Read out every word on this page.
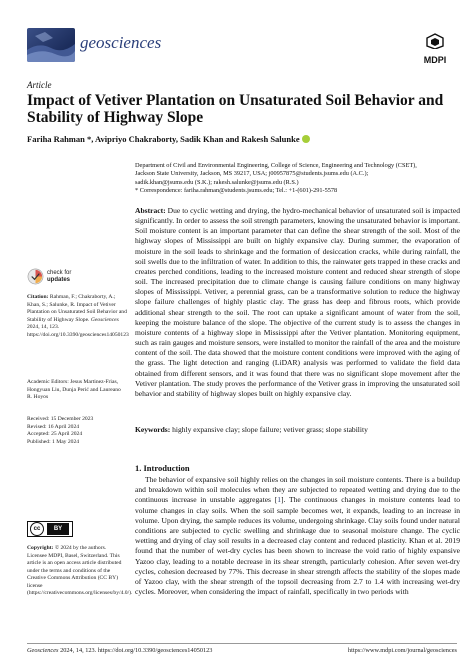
geosciences
MDPI
Article
Impact of Vetiver Plantation on Unsaturated Soil Behavior and Stability of Highway Slope
Fariha Rahman *, Avipriyo Chakraborty, Sadik Khan and Rakesh Salunke
Department of Civil and Environmental Engineering, College of Science, Engineering and Technology (CSET),
Jackson State University, Jackson, MS 39217, USA; j00957875@students.jsums.edu (A.C.);
sadik.khan@jsums.edu (S.K.); rakesh.salunke@jsums.edu (R.S.)
* Correspondence: fariha.rahman@students.jsums.edu; Tel.: +1-(601)-291-5578
Abstract: Due to cyclic wetting and drying, the hydro-mechanical behavior of unsaturated soil is impacted significantly. In order to assess the soil strength parameters, knowing the unsaturated behavior is important. Soil moisture content is an important parameter that can define the shear strength of the soil. Most of the highway slopes of Mississippi are built on highly expansive clay. During summer, the evaporation of moisture in the soil leads to shrinkage and the formation of desiccation cracks, while during rainfall, the soil swells due to the infiltration of water. In addition to this, the rainwater gets trapped in these cracks and creates perched conditions, leading to the increased moisture content and reduced shear strength of slope soil. The increased precipitation due to climate change is causing failure conditions on many highway slopes of Mississippi. Vetiver, a perennial grass, can be a transformative solution to reduce the highway slope failure challenges of highly plastic clay. The grass has deep and fibrous roots, which provide additional shear strength to the soil. The root can uptake a significant amount of water from the soil, keeping the moisture balance of the slope. The objective of the current study is to assess the changes in moisture contents of a highway slope in Mississippi after the Vetiver plantation. Monitoring equipment, such as rain gauges and moisture sensors, were installed to monitor the rainfall of the area and the moisture content of the soil. The data showed that the moisture content conditions were improved with the aging of the grass. The light detection and ranging (LiDAR) analysis was performed to validate the field data obtained from different sensors, and it was found that there was no significant slope movement after the Vetiver plantation. The study proves the performance of the Vetiver grass in improving the unsaturated soil behavior and stability of highway slopes built on highly expansive clay.
Keywords: highly expansive clay; slope failure; vetiver grass; slope stability
1. Introduction
The behavior of expansive soil highly relies on the changes in soil moisture contents. There is a buildup and breakdown within soil molecules when they are subjected to repeated wetting and drying due to the continuous increase in unstable aggregates [1]. The continuous changes in moisture contents lead to volume changes in clay soils. When the soil sample becomes wet, it expands, leading to an increase in volume. Upon drying, the sample reduces its volume, undergoing shrinkage. Clay soils found under natural conditions are subjected to cyclic swelling and shrinkage due to seasonal moisture change. The cyclic wetting and drying of clay soil results in a decreased clay content and reduced plasticity. Khan et al. 2019 found that the number of wet-dry cycles has been shown to increase the void ratio of highly expansive Yazoo clay, leading to a notable decrease in its shear strength, particularly cohesion. After seven wet-dry cycles, cohesion decreased by 77%. This decrease in shear strength affects the stability of the slopes made of Yazoo clay, with the shear strength of the topsoil decreasing from 2.7 to 1.4 with increasing wet-dry cycles. Moreover, when considering the impact of rainfall, specifically in two periods with
check for
updates
Citation: Rahman, F.; Chakraborty, A.; Khan, S.; Salunke, R. Impact of Vetiver Plantation on Unsaturated Soil Behavior and Stability of Highway Slope. Geosciences 2024, 14, 123. https://doi.org/10.3390/geosciences14050123
Academic Editors: Jesus Martinez-Frias, Hongyuan Liu, Dunja Perić and Laureano R. Hoyos
Received: 15 December 2023
Revised: 16 April 2024
Accepted: 25 April 2024
Published: 1 May 2024
cc	BY
Copyright: © 2024 by the authors. Licensee MDPI, Basel, Switzerland. This article is an open access article distributed under the terms and conditions of the Creative Commons Attribution (CC BY) license (https://creativecommons.org/licenses/by/4.0/).
Geosciences 2024, 14, 123. https://doi.org/10.3390/geosciences14050123	https://www.mdpi.com/journal/geosciences
